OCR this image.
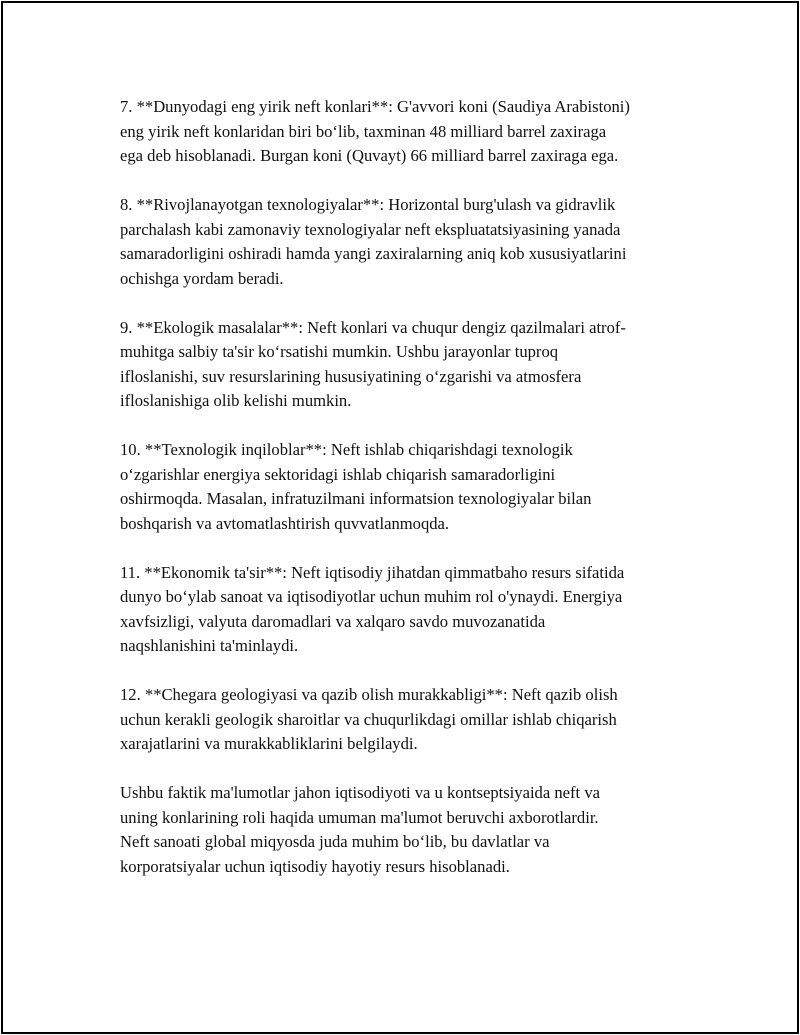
7. **Dunyodagi eng yirik neft konlari**: G'avvori koni (Saudiya Arabistoni)
eng yirik neft konlaridan biri bo‘lib, taxminan 48 milliard barrel zaxiraga
ega deb hisoblanadi. Burgan koni (Quvayt) 66 milliard barrel zaxiraga ega.

8. **Rivojlanayotgan texnologiyalar**: Horizontal burg'ulash va gidravlik
parchalash kabi zamonaviy texnologiyalar neft ekspluatatsiyasining yanada
samaradorligini oshiradi hamda yangi zaxiralarning aniq kob xususiyatlarini
ochishga yordam beradi.

9. **Ekologik masalalar**: Neft konlari va chuqur dengiz qazilmalari atrof-
muhitga salbiy ta'sir ko‘rsatishi mumkin. Ushbu jarayonlar tuproq
ifloslanishi, suv resurslarining hususiyatining o‘zgarishi va atmosfera
ifloslanishiga olib kelishi mumkin.

10. **Texnologik inqiloblar**: Neft ishlab chiqarishdagi texnologik
o‘zgarishlar energiya sektoridagi ishlab chiqarish samaradorligini
oshirmoqda. Masalan, infratuzilmani informatsion texnologiyalar bilan
boshqarish va avtomatlashtirish quvvatlanmoqda.

11. **Ekonomik ta'sir**: Neft iqtisodiy jihatdan qimmatbaho resurs sifatida
dunyo bo‘ylab sanoat va iqtisodiyotlar uchun muhim rol o'ynaydi. Energiya
xavfsizligi, valyuta daromadlari va xalqaro savdo muvozanatida
naqshlanishini ta'minlaydi.

12. **Chegara geologiyasi va qazib olish murakkabligi**: Neft qazib olish
uchun kerakli geologik sharoitlar va chuqurlikdagi omillar ishlab chiqarish
xarajatlarini va murakkabliklarini belgilaydi.

Ushbu faktik ma'lumotlar jahon iqtisodiyoti va u kontseptsiyaida neft va
uning konlarining roli haqida umuman ma'lumot beruvchi axborotlardir.
Neft sanoati global miqyosda juda muhim bo‘lib, bu davlatlar va
korporatsiyalar uchun iqtisodiy hayotiy resurs hisoblanadi.
